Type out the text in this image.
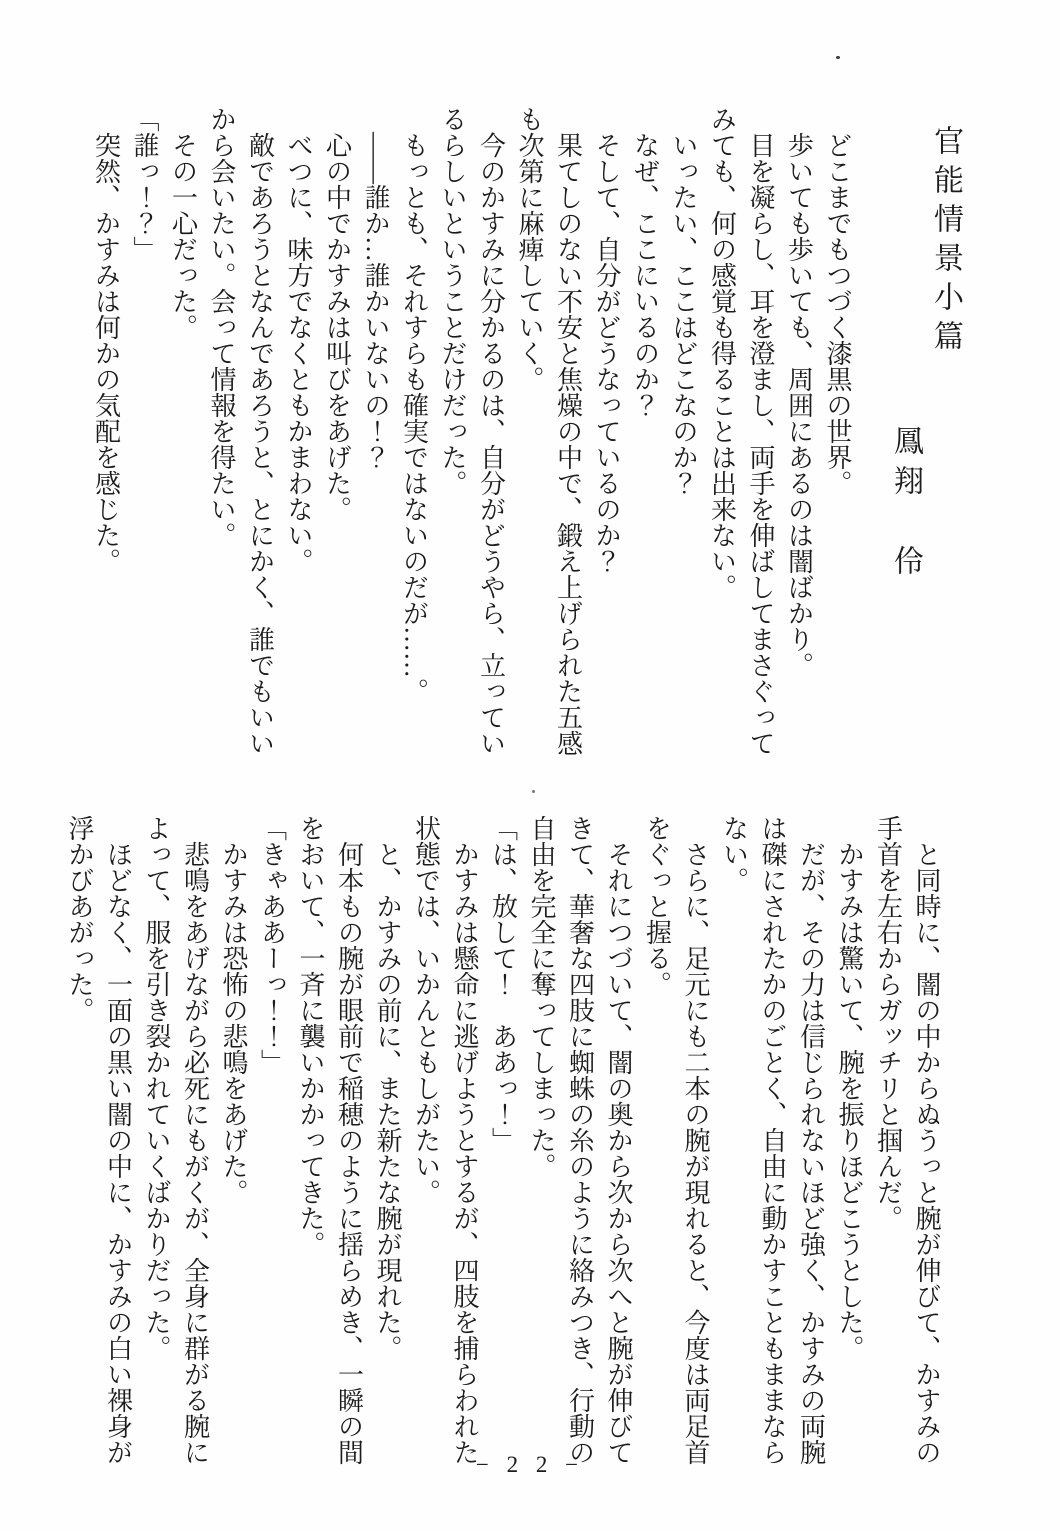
官能情景小篇

鳳翔　伶

どこまでもつづく漆黒の世界。

歩いても歩いても、周囲にあるのは闇ばかり。

目を凝らし、耳を澄まし、両手を伸ばしてまさぐってみても、何の感覚も得ることは出来ない。

いったい、ここはどこなのか？

なぜ、ここにいるのか？

そして、自分がどうなっているのか？

果てしのない不安と焦燥の中で、鍛え上げられた五感も次第に麻痺していく。

今のかすみに分かるのは、自分がどうやら、立っているらしいということだけだった。

もっとも、それすらも確実ではないのだが……。

――誰か…誰かいないの！？

心の中でかすみは叫びをあげた。

べつに、味方でなくともかまわない。

敵であろうとなんであろうと、とにかく、誰でもいいから会いたい。会って情報を得たい。

その一心だった。

「誰っ！？」

突然、かすみは何かの気配を感じた。

と同時に、闇の中からぬうっと腕が伸びて、かすみの手首を左右からガッチリと掴んだ。

かすみは驚いて、腕を振りほどこうとした。

だが、その力は信じられないほど強く、かすみの両腕は磔にされたかのごとく、自由に動かすこともままならない。

さらに、足元にも二本の腕が現れると、今度は両足首をぐっと握る。

それにつづいて、闇の奥から次から次へと腕が伸びてきて、華奢な四肢に蜘蛛の糸のように絡みつき、行動の自由を完全に奪ってしまった。

「は、放して！　ああっ！」

かすみは懸命に逃げようとするが、四肢を捕らわれた状態では、いかんともしがたい。

と、かすみの前に、また新たな腕が現れた。

何本もの腕が眼前で稲穂のように揺らめき、一瞬の間をおいて、一斉に襲いかかってきた。

「きゃああーっ！！」

かすみは恐怖の悲鳴をあげた。

悲鳴をあげながら必死にもがくが、全身に群がる腕によって、服を引き裂かれていくばかりだった。

ほどなく、一面の黒い闇の中に、かすみの白い裸身が浮かびあがった。

− 2 2 −
